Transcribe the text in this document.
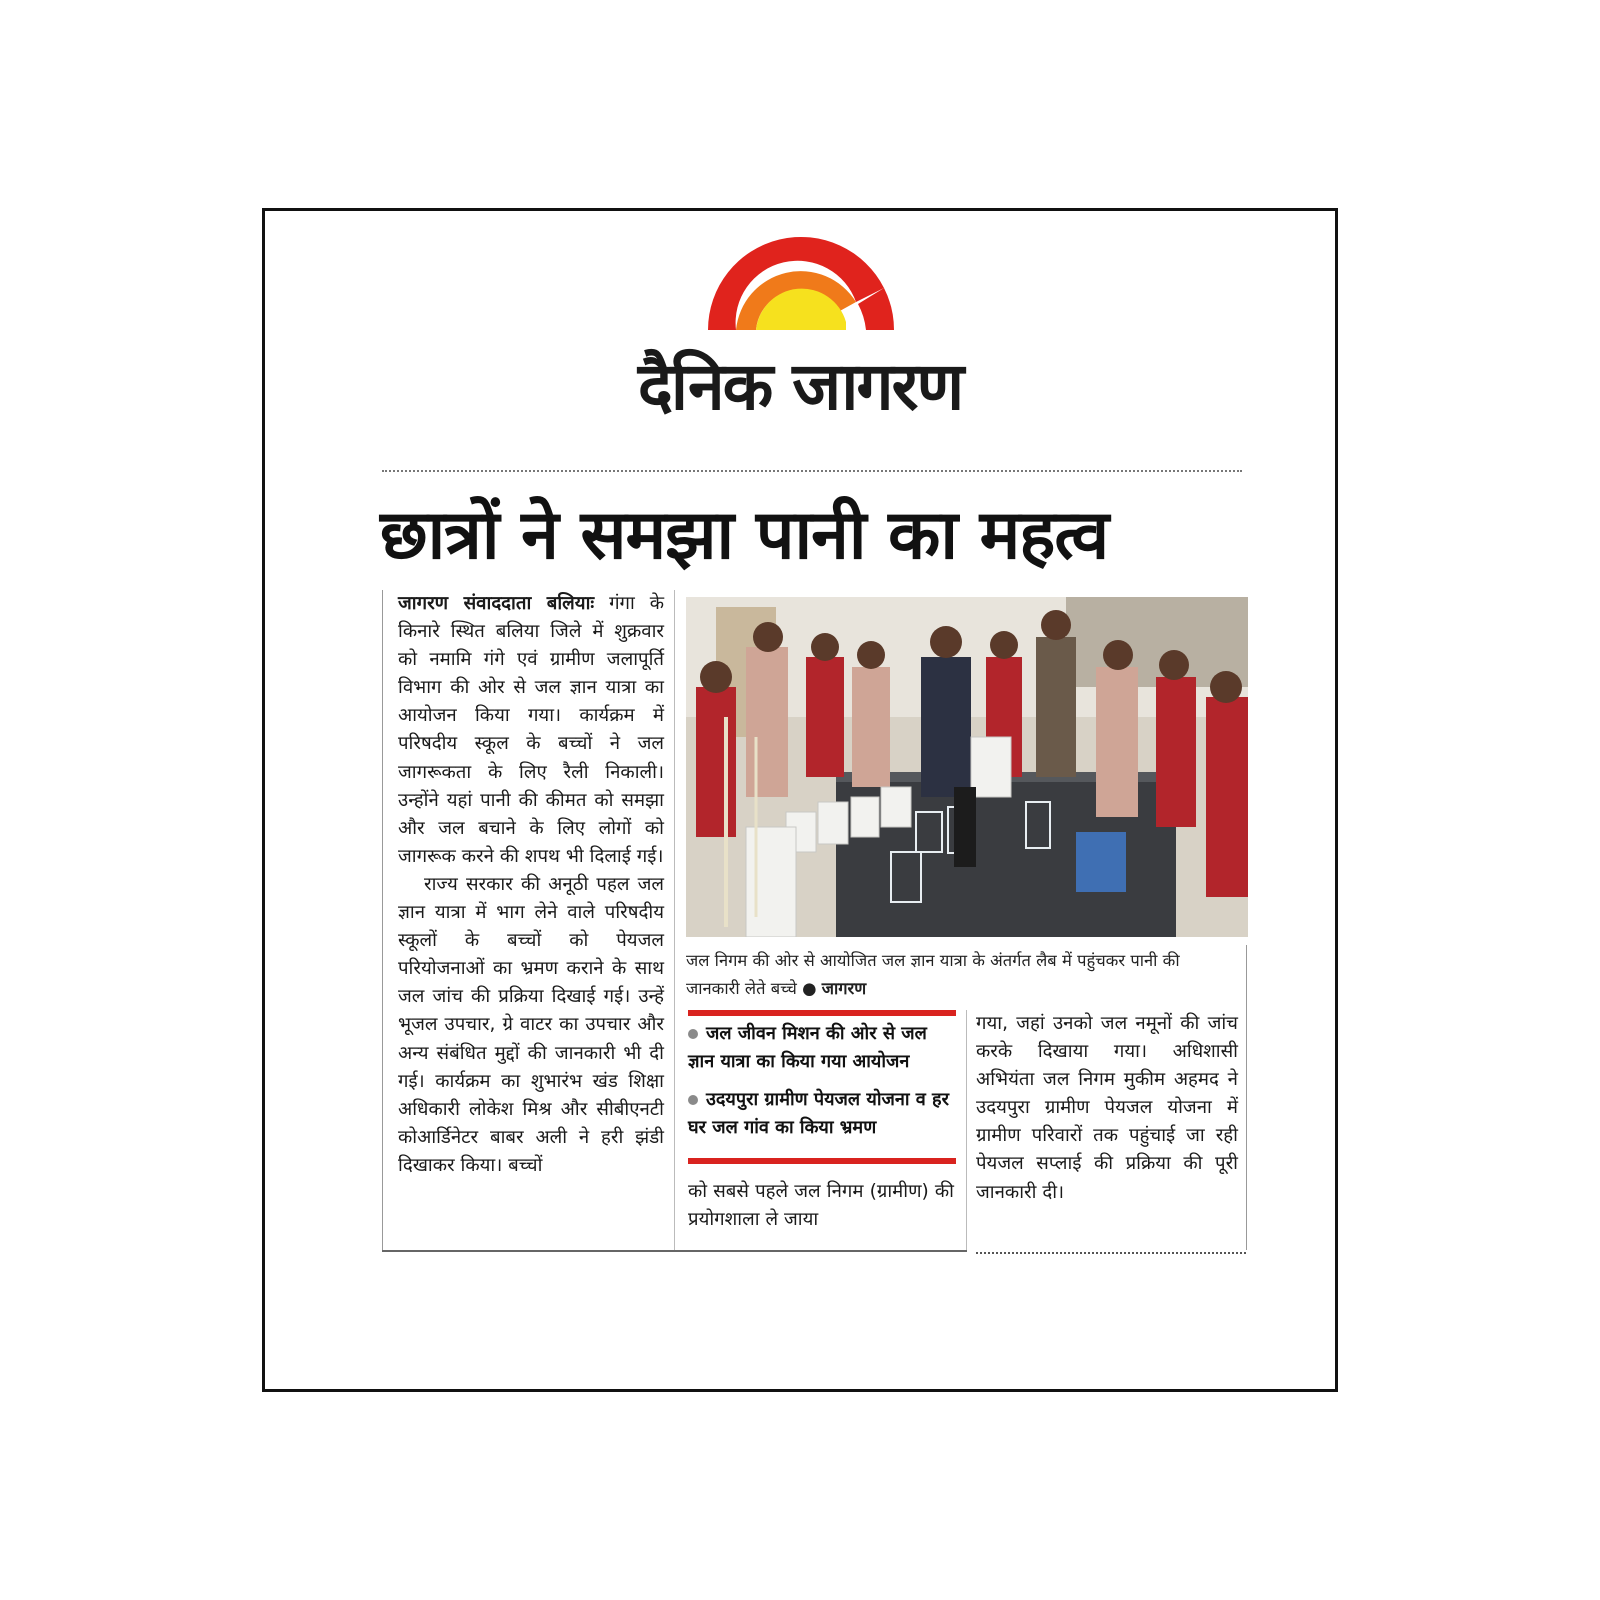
दैनिक जागरण
छात्रों ने समझा पानी का महत्व

जागरण संवाददाता बलियाः गंगा के किनारे स्थित बलिया जिले में शुक्रवार को नमामि गंगे एवं ग्रामीण जलापूर्ति विभाग की ओर से जल ज्ञान यात्रा का आयोजन किया गया। कार्यक्रम में परिषदीय स्कूल के बच्चों ने जल जागरूकता के लिए रैली निकाली। उन्होंने यहां पानी की कीमत को समझा और जल बचाने के लिए लोगों को जागरूक करने की शपथ भी दिलाई गई।

राज्य सरकार की अनूठी पहल जल ज्ञान यात्रा में भाग लेने वाले परिषदीय स्कूलों के बच्चों को पेयजल परियोजनाओं का भ्रमण कराने के साथ जल जांच की प्रक्रिया दिखाई गई। उन्हें भूजल उपचार, ग्रे वाटर का उपचार और अन्य संबंधित मुद्दों की जानकारी भी दी गई। कार्यक्रम का शुभारंभ खंड शिक्षा अधिकारी लोकेश मिश्र और सीबीएनटी कोआर्डिनेटर बाबर अली ने हरी झंडी दिखाकर किया। बच्चों

जल निगम की ओर से आयोजित जल ज्ञान यात्रा के अंतर्गत लैब में पहुंचकर पानी की जानकारी लेते बच्चे ● जागरण
जल जीवन मिशन की ओर से जल ज्ञान यात्रा का किया गया आयोजन
उदयपुरा ग्रामीण पेयजल योजना व हर घर जल गांव का किया भ्रमण
को सबसे पहले जल निगम (ग्रामीण) की प्रयोगशाला ले जाया
गया, जहां उनको जल नमूनों की जांच करके दिखाया गया। अधिशासी अभियंता जल निगम मुकीम अहमद ने उदयपुरा ग्रामीण पेयजल योजना में ग्रामीण परिवारों तक पहुंचाई जा रही पेयजल सप्लाई की प्रक्रिया की पूरी जानकारी दी।
